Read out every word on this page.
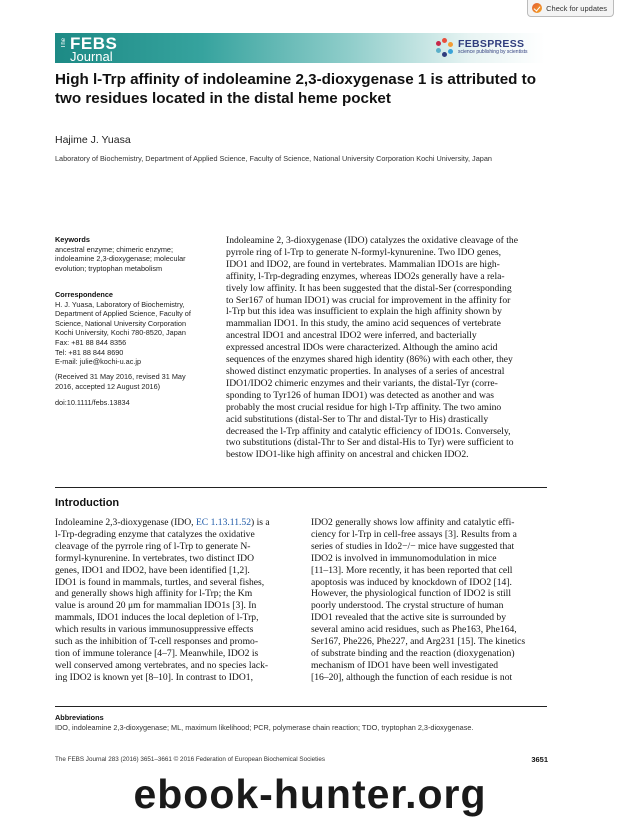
Check for updates
The FEBS
Journal
FEBSPRESS
science publishing by scientists
High l-Trp affinity of indoleamine 2,3-dioxygenase 1 is attributed to two residues located in the distal heme pocket
Hajime J. Yuasa
Laboratory of Biochemistry, Department of Applied Science, Faculty of Science, National University Corporation Kochi University, Japan
Keywords
ancestral enzyme; chimeric enzyme;
indoleamine 2,3-dioxygenase; molecular
evolution; tryptophan metabolism
Correspondence
H. J. Yuasa, Laboratory of Biochemistry,
Department of Applied Science, Faculty of
Science, National University Corporation
Kochi University, Kochi 780-8520, Japan
Fax: +81 88 844 8356
Tel: +81 88 844 8690
E-mail: julie@kochi-u.ac.jp
(Received 31 May 2016, revised 31 May
2016, accepted 12 August 2016)
doi:10.1111/febs.13834
Indoleamine 2, 3-dioxygenase (IDO) catalyzes the oxidative cleavage of the
pyrrole ring of l-Trp to generate N-formyl-kynurenine. Two IDO genes,
IDO1 and IDO2, are found in vertebrates. Mammalian IDO1s are high-
affinity, l-Trp-degrading enzymes, whereas IDO2s generally have a rela-
tively low affinity. It has been suggested that the distal-Ser (corresponding
to Ser167 of human IDO1) was crucial for improvement in the affinity for
l-Trp but this idea was insufficient to explain the high affinity shown by
mammalian IDO1. In this study, the amino acid sequences of vertebrate
ancestral IDO1 and ancestral IDO2 were inferred, and bacterially
expressed ancestral IDOs were characterized. Although the amino acid
sequences of the enzymes shared high identity (86%) with each other, they
showed distinct enzymatic properties. In analyses of a series of ancestral
IDO1/IDO2 chimeric enzymes and their variants, the distal-Tyr (corre-
sponding to Tyr126 of human IDO1) was detected as another and was
probably the most crucial residue for high l-Trp affinity. The two amino
acid substitutions (distal-Ser to Thr and distal-Tyr to His) drastically
decreased the l-Trp affinity and catalytic efficiency of IDO1s. Conversely,
two substitutions (distal-Thr to Ser and distal-His to Tyr) were sufficient to
bestow IDO1-like high affinity on ancestral and chicken IDO2.
Introduction
Indoleamine 2,3-dioxygenase (IDO, EC 1.13.11.52) is a
l-Trp-degrading enzyme that catalyzes the oxidative
cleavage of the pyrrole ring of l-Trp to generate N-
formyl-kynurenine. In vertebrates, two distinct IDO
genes, IDO1 and IDO2, have been identified [1,2].
IDO1 is found in mammals, turtles, and several fishes,
and generally shows high affinity for l-Trp; the Km
value is around 20 μm for mammalian IDO1s [3]. In
mammals, IDO1 induces the local depletion of l-Trp,
which results in various immunosuppressive effects
such as the inhibition of T-cell responses and promo-
tion of immune tolerance [4–7]. Meanwhile, IDO2 is
well conserved among vertebrates, and no species lack-
ing IDO2 is known yet [8–10]. In contrast to IDO1,
IDO2 generally shows low affinity and catalytic effi-
ciency for l-Trp in cell-free assays [3]. Results from a
series of studies in Ido2−/− mice have suggested that
IDO2 is involved in immunomodulation in mice
[11–13]. More recently, it has been reported that cell
apoptosis was induced by knockdown of IDO2 [14].
However, the physiological function of IDO2 is still
poorly understood. The crystal structure of human
IDO1 revealed that the active site is surrounded by
several amino acid residues, such as Phe163, Phe164,
Ser167, Phe226, Phe227, and Arg231 [15]. The kinetics
of substrate binding and the reaction (dioxygenation)
mechanism of IDO1 have been well investigated
[16–20], although the function of each residue is not
Abbreviations
IDO, indoleamine 2,3-dioxygenase; ML, maximum likelihood; PCR, polymerase chain reaction; TDO, tryptophan 2,3-dioxygenase.
The FEBS Journal 283 (2016) 3651–3661 © 2016 Federation of European Biochemical Societies	3651
ebook-hunter.org
